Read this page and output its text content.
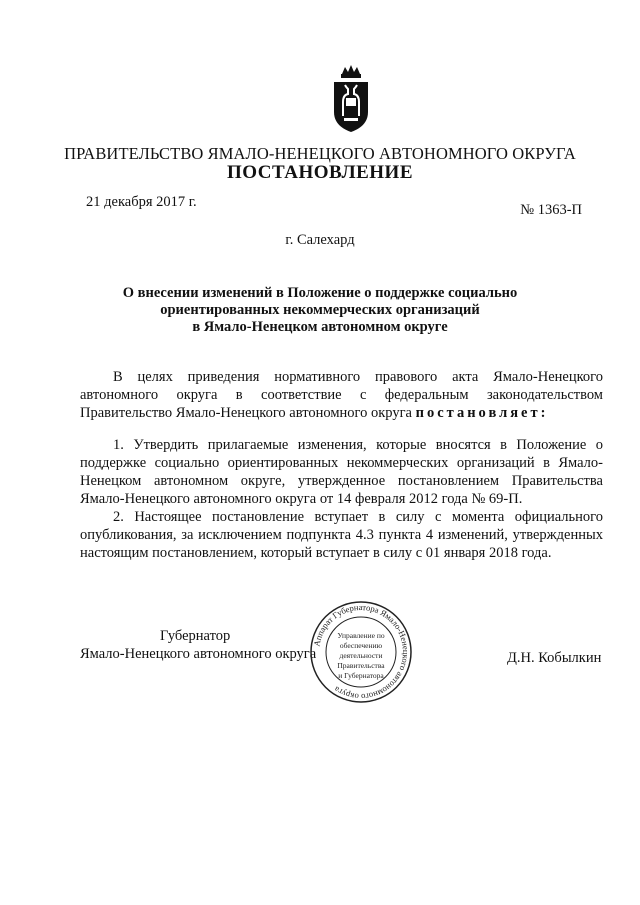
ПРАВИТЕЛЬСТВО ЯМАЛО-НЕНЕЦКОГО АВТОНОМНОГО ОКРУГА
ПОСТАНОВЛЕНИЕ
21 декабря 2017 г.	№ 1363-П
г. Салехард
О внесении изменений в Положение о поддержке социально
ориентированных некоммерческих организаций
в Ямало-Ненецком автономном округе
В целях приведения нормативного правового акта Ямало-Ненецкого автономного округа в соответствие с федеральным законодательством Правительство Ямало-Ненецкого автономного округа постановляет:
1. Утвердить прилагаемые изменения, которые вносятся в Положение о поддержке социально ориентированных некоммерческих организаций в Ямало-Ненецком автономном округе, утвержденное постановлением Правительства Ямало-Ненецкого автономного округа от 14 февраля 2012 года № 69-П.
2. Настоящее постановление вступает в силу с момента официального опубликования, за исключением подпункта 4.3 пункта 4 изменений, утвержденных настоящим постановлением, который вступает в силу с 01 января 2018 года.
Губернатор
Ямало-Ненецкого автономного округа	Д.Н. Кобылкин
Аппарат Губернатора Ямало-Ненецкого автономного округа
Управление по
обеспечению
деятельности
Правительства
и Губернатора
